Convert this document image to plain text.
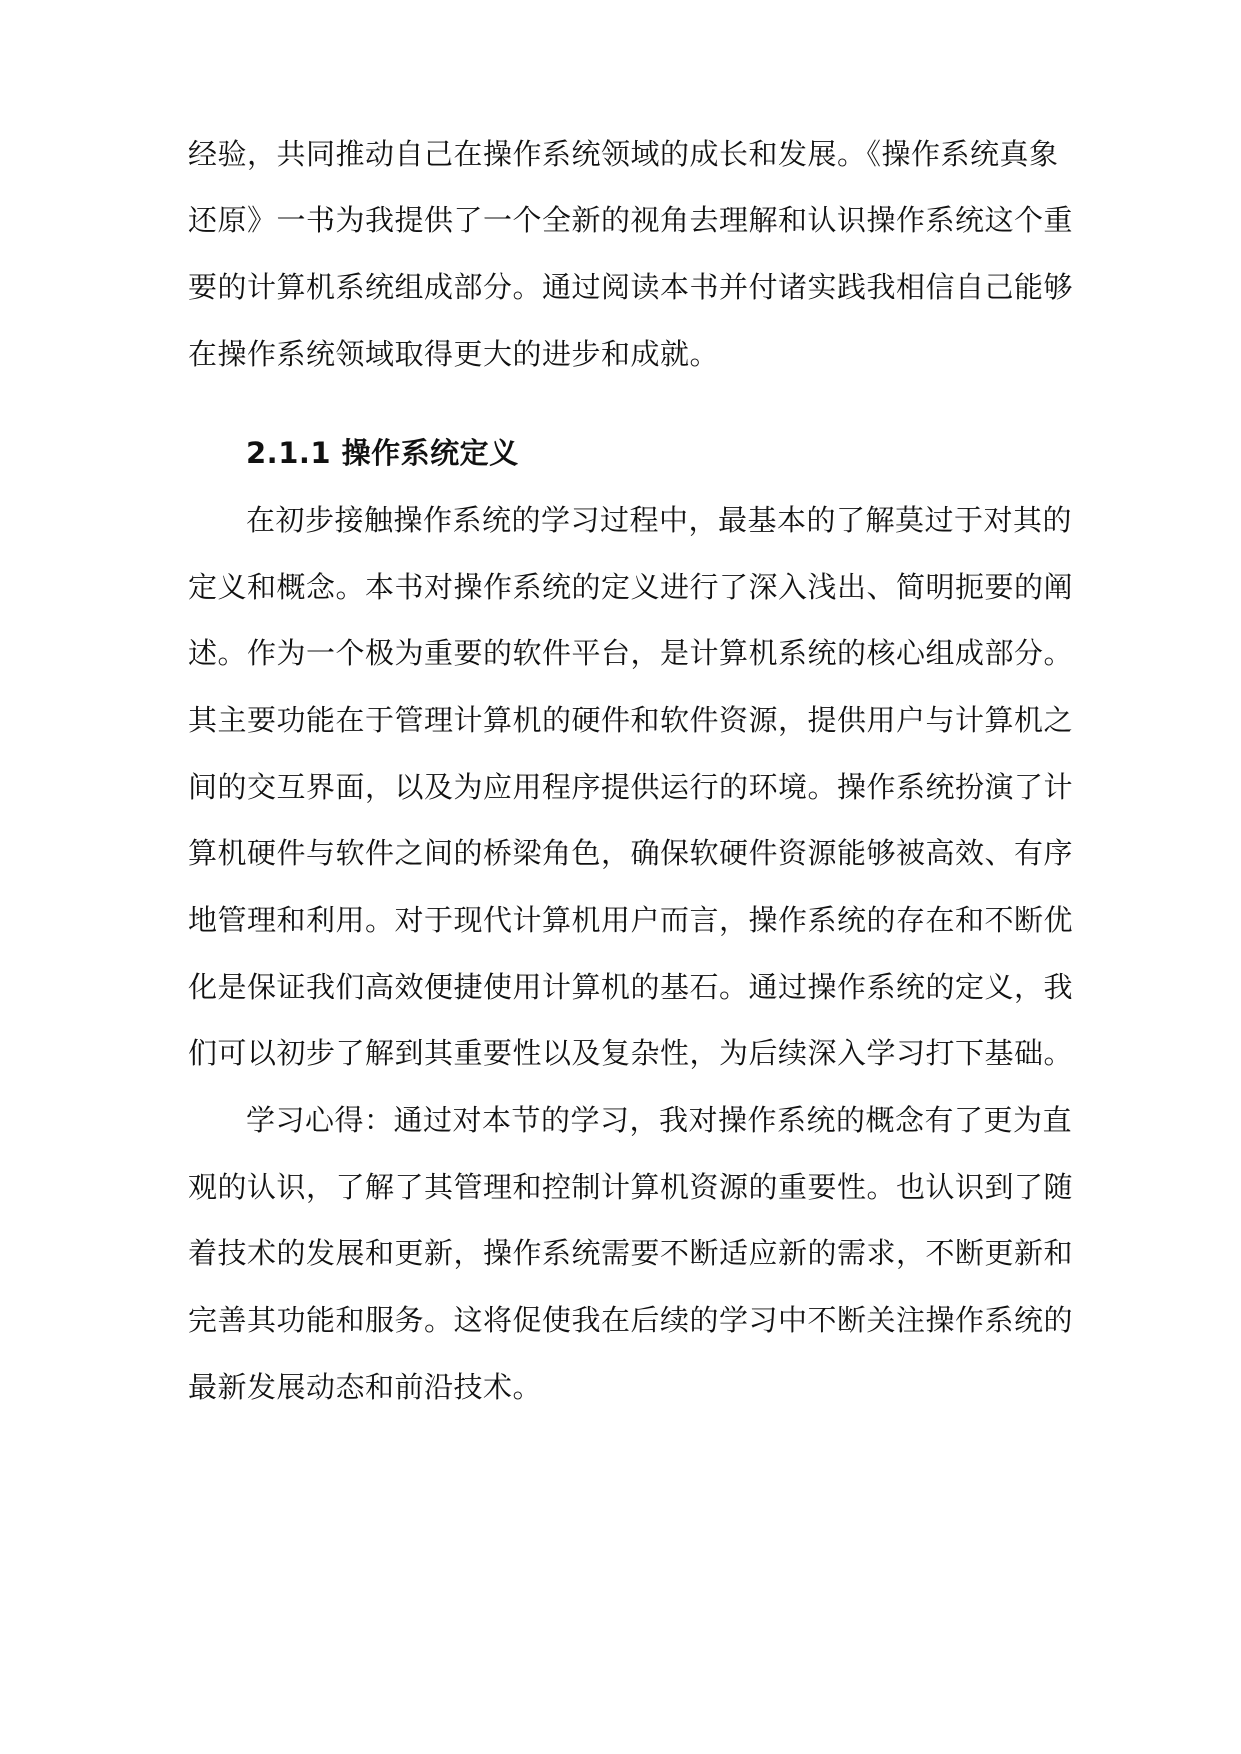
经验，共同推动自己在操作系统领域的成长和发展。《操作系统真象
还原》一书为我提供了一个全新的视角去理解和认识操作系统这个重
要的计算机系统组成部分。通过阅读本书并付诸实践我相信自己能够
在操作系统领域取得更大的进步和成就。
2.1.1 操作系统定义
在初步接触操作系统的学习过程中，最基本的了解莫过于对其的
定义和概念。本书对操作系统的定义进行了深入浅出、简明扼要的阐
述。作为一个极为重要的软件平台，是计算机系统的核心组成部分。
其主要功能在于管理计算机的硬件和软件资源，提供用户与计算机之
间的交互界面，以及为应用程序提供运行的环境。操作系统扮演了计
算机硬件与软件之间的桥梁角色，确保软硬件资源能够被高效、有序
地管理和利用。对于现代计算机用户而言，操作系统的存在和不断优
化是保证我们高效便捷使用计算机的基石。通过操作系统的定义，我
们可以初步了解到其重要性以及复杂性，为后续深入学习打下基础。
学习心得：通过对本节的学习，我对操作系统的概念有了更为直
观的认识，了解了其管理和控制计算机资源的重要性。也认识到了随
着技术的发展和更新，操作系统需要不断适应新的需求，不断更新和
完善其功能和服务。这将促使我在后续的学习中不断关注操作系统的
最新发展动态和前沿技术。
